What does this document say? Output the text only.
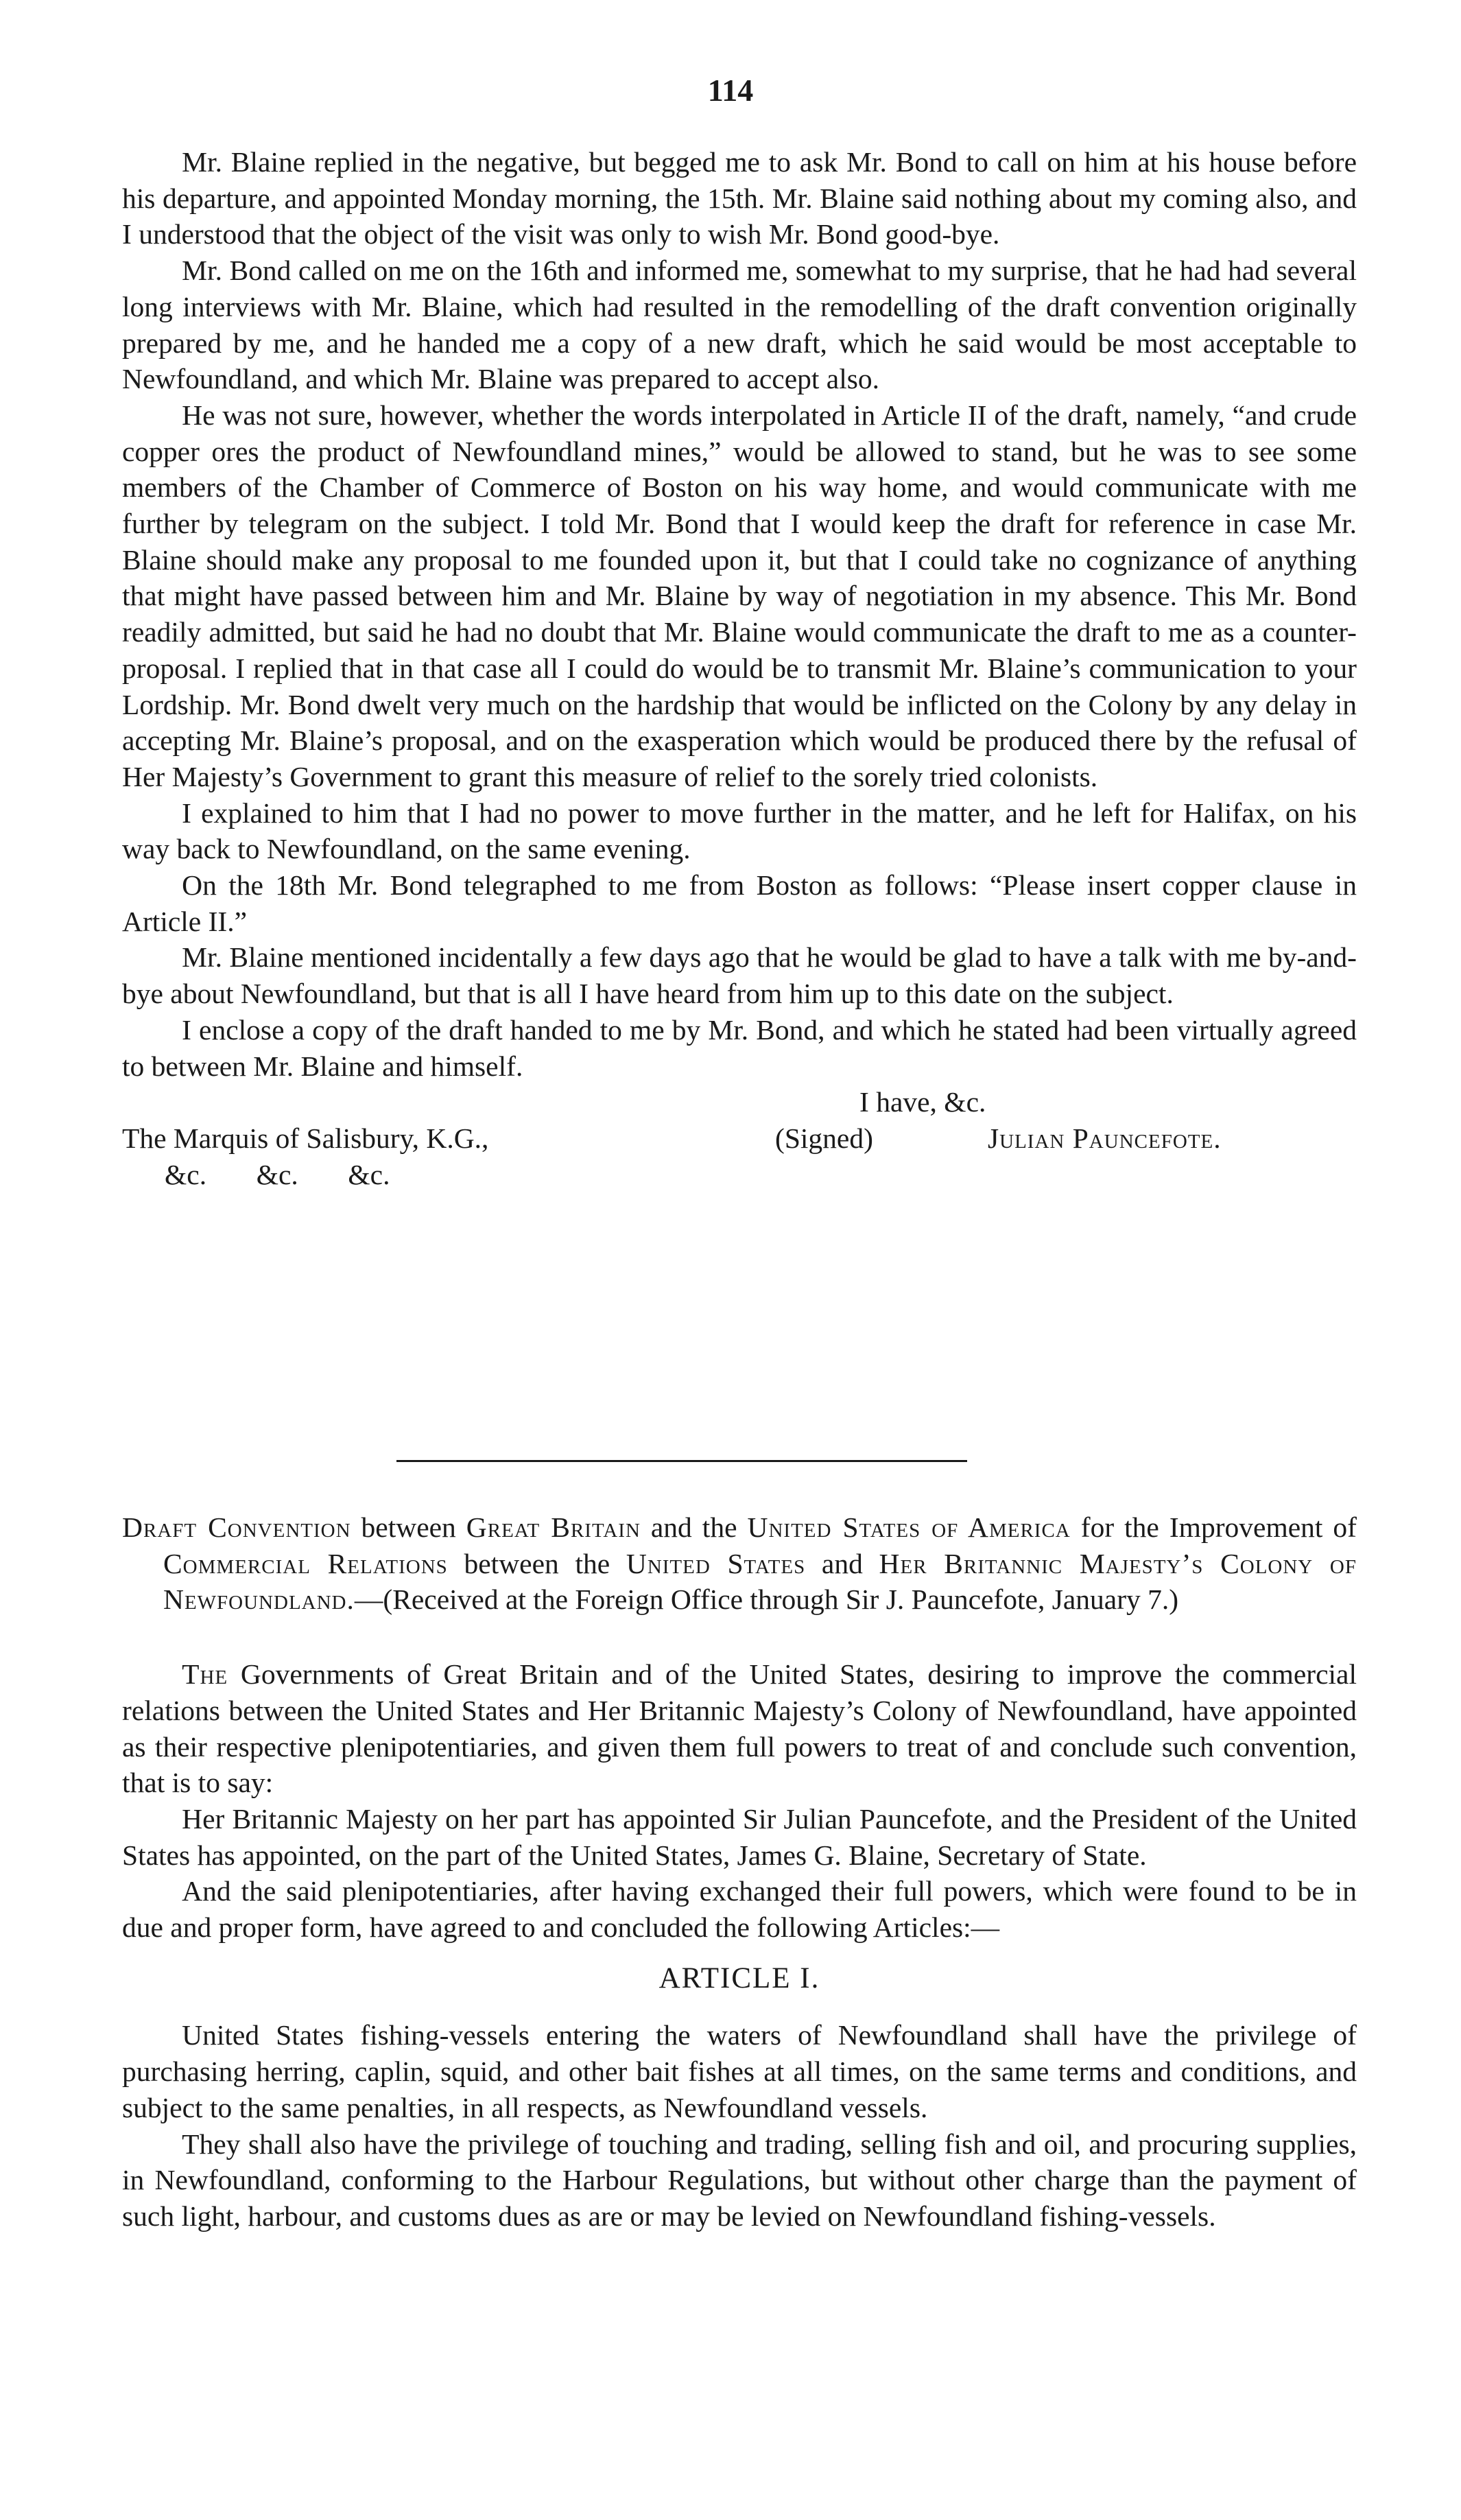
114

Mr. Blaine replied in the negative, but begged me to ask Mr. Bond to call on him at his house before his departure, and appointed Monday morning, the 15th. Mr. Blaine said nothing about my coming also, and I understood that the object of the visit was only to wish Mr. Bond good-bye.

Mr. Bond called on me on the 16th and informed me, somewhat to my surprise, that he had had several long interviews with Mr. Blaine, which had resulted in the remodelling of the draft convention originally prepared by me, and he handed me a copy of a new draft, which he said would be most acceptable to Newfoundland, and which Mr. Blaine was prepared to accept also.

He was not sure, however, whether the words interpolated in Article II of the draft, namely, “and crude copper ores the product of Newfoundland mines,” would be allowed to stand, but he was to see some members of the Chamber of Commerce of Boston on his way home, and would communicate with me further by telegram on the subject. I told Mr. Bond that I would keep the draft for reference in case Mr. Blaine should make any proposal to me founded upon it, but that I could take no cognizance of anything that might have passed between him and Mr. Blaine by way of negotiation in my absence. This Mr. Bond readily admitted, but said he had no doubt that Mr. Blaine would communicate the draft to me as a counter-proposal. I replied that in that case all I could do would be to transmit Mr. Blaine’s communication to your Lordship. Mr. Bond dwelt very much on the hardship that would be inflicted on the Colony by any delay in accepting Mr. Blaine’s proposal, and on the exasperation which would be produced there by the refusal of Her Majesty’s Government to grant this measure of relief to the sorely tried colonists.

I explained to him that I had no power to move further in the matter, and he left for Halifax, on his way back to Newfoundland, on the same evening.

On the 18th Mr. Bond telegraphed to me from Boston as follows: “Please insert copper clause in Article II.”

Mr. Blaine mentioned incidentally a few days ago that he would be glad to have a talk with me by-and-bye about Newfoundland, but that is all I have heard from him up to this date on the subject.

I enclose a copy of the draft handed to me by Mr. Bond, and which he stated had been virtually agreed to between Mr. Blaine and himself.

I have, &c.
The Marquis of Salisbury, K.G.,	(Signed)	Julian Pauncefote.
&c.       &c.       &c.

Draft Convention between Great Britain and the United States of America for the Improvement of Commercial Relations between the United States and Her Britannic Majesty’s Colony of Newfoundland.—(Received at the Foreign Office through Sir J. Pauncefote, January 7.)

The Governments of Great Britain and of the United States, desiring to improve the commercial relations between the United States and Her Britannic Majesty’s Colony of Newfoundland, have appointed as their respective plenipotentiaries, and given them full powers to treat of and conclude such convention, that is to say:

Her Britannic Majesty on her part has appointed Sir Julian Pauncefote, and the President of the United States has appointed, on the part of the United States, James G. Blaine, Secretary of State.

And the said plenipotentiaries, after having exchanged their full powers, which were found to be in due and proper form, have agreed to and concluded the following Articles:—

ARTICLE I.

United States fishing-vessels entering the waters of Newfoundland shall have the privilege of purchasing herring, caplin, squid, and other bait fishes at all times, on the same terms and conditions, and subject to the same penalties, in all respects, as Newfoundland vessels.

They shall also have the privilege of touching and trading, selling fish and oil, and procuring supplies, in Newfoundland, conforming to the Harbour Regulations, but without other charge than the payment of such light, harbour, and customs dues as are or may be levied on Newfoundland fishing-vessels.
